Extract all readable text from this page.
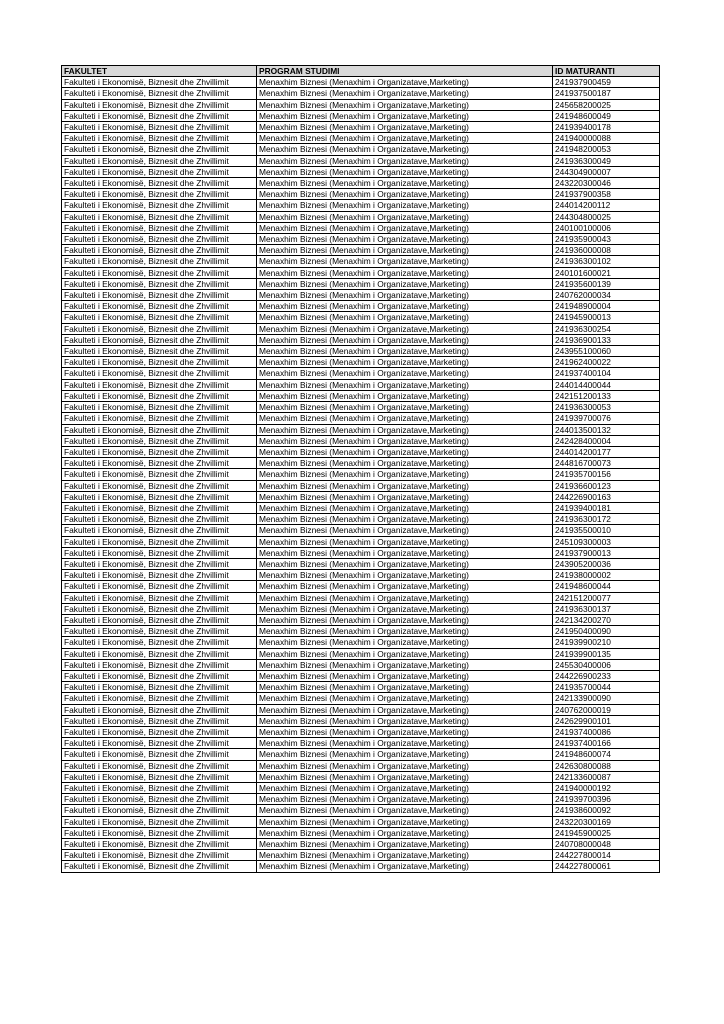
FAKULTET	PROGRAM STUDIMI	ID MATURANTI
Fakulteti i Ekonomisë, Biznesit dhe Zhvillimit	Menaxhim Biznesi (Menaxhim i Organizatave,Marketing)	241937900459
Fakulteti i Ekonomisë, Biznesit dhe Zhvillimit	Menaxhim Biznesi (Menaxhim i Organizatave,Marketing)	241937500187
Fakulteti i Ekonomisë, Biznesit dhe Zhvillimit	Menaxhim Biznesi (Menaxhim i Organizatave,Marketing)	245658200025
Fakulteti i Ekonomisë, Biznesit dhe Zhvillimit	Menaxhim Biznesi (Menaxhim i Organizatave,Marketing)	241948600049
Fakulteti i Ekonomisë, Biznesit dhe Zhvillimit	Menaxhim Biznesi (Menaxhim i Organizatave,Marketing)	241939400178
Fakulteti i Ekonomisë, Biznesit dhe Zhvillimit	Menaxhim Biznesi (Menaxhim i Organizatave,Marketing)	241940000088
Fakulteti i Ekonomisë, Biznesit dhe Zhvillimit	Menaxhim Biznesi (Menaxhim i Organizatave,Marketing)	241948200053
Fakulteti i Ekonomisë, Biznesit dhe Zhvillimit	Menaxhim Biznesi (Menaxhim i Organizatave,Marketing)	241936300049
Fakulteti i Ekonomisë, Biznesit dhe Zhvillimit	Menaxhim Biznesi (Menaxhim i Organizatave,Marketing)	244304900007
Fakulteti i Ekonomisë, Biznesit dhe Zhvillimit	Menaxhim Biznesi (Menaxhim i Organizatave,Marketing)	243220300046
Fakulteti i Ekonomisë, Biznesit dhe Zhvillimit	Menaxhim Biznesi (Menaxhim i Organizatave,Marketing)	241937900358
Fakulteti i Ekonomisë, Biznesit dhe Zhvillimit	Menaxhim Biznesi (Menaxhim i Organizatave,Marketing)	244014200112
Fakulteti i Ekonomisë, Biznesit dhe Zhvillimit	Menaxhim Biznesi (Menaxhim i Organizatave,Marketing)	244304800025
Fakulteti i Ekonomisë, Biznesit dhe Zhvillimit	Menaxhim Biznesi (Menaxhim i Organizatave,Marketing)	240100100006
Fakulteti i Ekonomisë, Biznesit dhe Zhvillimit	Menaxhim Biznesi (Menaxhim i Organizatave,Marketing)	241935900043
Fakulteti i Ekonomisë, Biznesit dhe Zhvillimit	Menaxhim Biznesi (Menaxhim i Organizatave,Marketing)	241936000008
Fakulteti i Ekonomisë, Biznesit dhe Zhvillimit	Menaxhim Biznesi (Menaxhim i Organizatave,Marketing)	241936300102
Fakulteti i Ekonomisë, Biznesit dhe Zhvillimit	Menaxhim Biznesi (Menaxhim i Organizatave,Marketing)	240101600021
Fakulteti i Ekonomisë, Biznesit dhe Zhvillimit	Menaxhim Biznesi (Menaxhim i Organizatave,Marketing)	241935600139
Fakulteti i Ekonomisë, Biznesit dhe Zhvillimit	Menaxhim Biznesi (Menaxhim i Organizatave,Marketing)	240762000034
Fakulteti i Ekonomisë, Biznesit dhe Zhvillimit	Menaxhim Biznesi (Menaxhim i Organizatave,Marketing)	241948900004
Fakulteti i Ekonomisë, Biznesit dhe Zhvillimit	Menaxhim Biznesi (Menaxhim i Organizatave,Marketing)	241945900013
Fakulteti i Ekonomisë, Biznesit dhe Zhvillimit	Menaxhim Biznesi (Menaxhim i Organizatave,Marketing)	241936300254
Fakulteti i Ekonomisë, Biznesit dhe Zhvillimit	Menaxhim Biznesi (Menaxhim i Organizatave,Marketing)	241936900133
Fakulteti i Ekonomisë, Biznesit dhe Zhvillimit	Menaxhim Biznesi (Menaxhim i Organizatave,Marketing)	243955100060
Fakulteti i Ekonomisë, Biznesit dhe Zhvillimit	Menaxhim Biznesi (Menaxhim i Organizatave,Marketing)	241962400022
Fakulteti i Ekonomisë, Biznesit dhe Zhvillimit	Menaxhim Biznesi (Menaxhim i Organizatave,Marketing)	241937400104
Fakulteti i Ekonomisë, Biznesit dhe Zhvillimit	Menaxhim Biznesi (Menaxhim i Organizatave,Marketing)	244014400044
Fakulteti i Ekonomisë, Biznesit dhe Zhvillimit	Menaxhim Biznesi (Menaxhim i Organizatave,Marketing)	242151200133
Fakulteti i Ekonomisë, Biznesit dhe Zhvillimit	Menaxhim Biznesi (Menaxhim i Organizatave,Marketing)	241936300053
Fakulteti i Ekonomisë, Biznesit dhe Zhvillimit	Menaxhim Biznesi (Menaxhim i Organizatave,Marketing)	241939700076
Fakulteti i Ekonomisë, Biznesit dhe Zhvillimit	Menaxhim Biznesi (Menaxhim i Organizatave,Marketing)	244013500132
Fakulteti i Ekonomisë, Biznesit dhe Zhvillimit	Menaxhim Biznesi (Menaxhim i Organizatave,Marketing)	242428400004
Fakulteti i Ekonomisë, Biznesit dhe Zhvillimit	Menaxhim Biznesi (Menaxhim i Organizatave,Marketing)	244014200177
Fakulteti i Ekonomisë, Biznesit dhe Zhvillimit	Menaxhim Biznesi (Menaxhim i Organizatave,Marketing)	244816700073
Fakulteti i Ekonomisë, Biznesit dhe Zhvillimit	Menaxhim Biznesi (Menaxhim i Organizatave,Marketing)	241935700156
Fakulteti i Ekonomisë, Biznesit dhe Zhvillimit	Menaxhim Biznesi (Menaxhim i Organizatave,Marketing)	241936600123
Fakulteti i Ekonomisë, Biznesit dhe Zhvillimit	Menaxhim Biznesi (Menaxhim i Organizatave,Marketing)	244226900163
Fakulteti i Ekonomisë, Biznesit dhe Zhvillimit	Menaxhim Biznesi (Menaxhim i Organizatave,Marketing)	241939400181
Fakulteti i Ekonomisë, Biznesit dhe Zhvillimit	Menaxhim Biznesi (Menaxhim i Organizatave,Marketing)	241936300172
Fakulteti i Ekonomisë, Biznesit dhe Zhvillimit	Menaxhim Biznesi (Menaxhim i Organizatave,Marketing)	241935500010
Fakulteti i Ekonomisë, Biznesit dhe Zhvillimit	Menaxhim Biznesi (Menaxhim i Organizatave,Marketing)	245109300003
Fakulteti i Ekonomisë, Biznesit dhe Zhvillimit	Menaxhim Biznesi (Menaxhim i Organizatave,Marketing)	241937900013
Fakulteti i Ekonomisë, Biznesit dhe Zhvillimit	Menaxhim Biznesi (Menaxhim i Organizatave,Marketing)	243905200036
Fakulteti i Ekonomisë, Biznesit dhe Zhvillimit	Menaxhim Biznesi (Menaxhim i Organizatave,Marketing)	241938000002
Fakulteti i Ekonomisë, Biznesit dhe Zhvillimit	Menaxhim Biznesi (Menaxhim i Organizatave,Marketing)	241948600044
Fakulteti i Ekonomisë, Biznesit dhe Zhvillimit	Menaxhim Biznesi (Menaxhim i Organizatave,Marketing)	242151200077
Fakulteti i Ekonomisë, Biznesit dhe Zhvillimit	Menaxhim Biznesi (Menaxhim i Organizatave,Marketing)	241936300137
Fakulteti i Ekonomisë, Biznesit dhe Zhvillimit	Menaxhim Biznesi (Menaxhim i Organizatave,Marketing)	242134200270
Fakulteti i Ekonomisë, Biznesit dhe Zhvillimit	Menaxhim Biznesi (Menaxhim i Organizatave,Marketing)	241950400090
Fakulteti i Ekonomisë, Biznesit dhe Zhvillimit	Menaxhim Biznesi (Menaxhim i Organizatave,Marketing)	241939900210
Fakulteti i Ekonomisë, Biznesit dhe Zhvillimit	Menaxhim Biznesi (Menaxhim i Organizatave,Marketing)	241939900135
Fakulteti i Ekonomisë, Biznesit dhe Zhvillimit	Menaxhim Biznesi (Menaxhim i Organizatave,Marketing)	245530400006
Fakulteti i Ekonomisë, Biznesit dhe Zhvillimit	Menaxhim Biznesi (Menaxhim i Organizatave,Marketing)	244226900233
Fakulteti i Ekonomisë, Biznesit dhe Zhvillimit	Menaxhim Biznesi (Menaxhim i Organizatave,Marketing)	241935700044
Fakulteti i Ekonomisë, Biznesit dhe Zhvillimit	Menaxhim Biznesi (Menaxhim i Organizatave,Marketing)	242133900090
Fakulteti i Ekonomisë, Biznesit dhe Zhvillimit	Menaxhim Biznesi (Menaxhim i Organizatave,Marketing)	240762000019
Fakulteti i Ekonomisë, Biznesit dhe Zhvillimit	Menaxhim Biznesi (Menaxhim i Organizatave,Marketing)	242629900101
Fakulteti i Ekonomisë, Biznesit dhe Zhvillimit	Menaxhim Biznesi (Menaxhim i Organizatave,Marketing)	241937400086
Fakulteti i Ekonomisë, Biznesit dhe Zhvillimit	Menaxhim Biznesi (Menaxhim i Organizatave,Marketing)	241937400166
Fakulteti i Ekonomisë, Biznesit dhe Zhvillimit	Menaxhim Biznesi (Menaxhim i Organizatave,Marketing)	241948600074
Fakulteti i Ekonomisë, Biznesit dhe Zhvillimit	Menaxhim Biznesi (Menaxhim i Organizatave,Marketing)	242630800088
Fakulteti i Ekonomisë, Biznesit dhe Zhvillimit	Menaxhim Biznesi (Menaxhim i Organizatave,Marketing)	242133600087
Fakulteti i Ekonomisë, Biznesit dhe Zhvillimit	Menaxhim Biznesi (Menaxhim i Organizatave,Marketing)	241940000192
Fakulteti i Ekonomisë, Biznesit dhe Zhvillimit	Menaxhim Biznesi (Menaxhim i Organizatave,Marketing)	241939700396
Fakulteti i Ekonomisë, Biznesit dhe Zhvillimit	Menaxhim Biznesi (Menaxhim i Organizatave,Marketing)	241938600092
Fakulteti i Ekonomisë, Biznesit dhe Zhvillimit	Menaxhim Biznesi (Menaxhim i Organizatave,Marketing)	243220300169
Fakulteti i Ekonomisë, Biznesit dhe Zhvillimit	Menaxhim Biznesi (Menaxhim i Organizatave,Marketing)	241945900025
Fakulteti i Ekonomisë, Biznesit dhe Zhvillimit	Menaxhim Biznesi (Menaxhim i Organizatave,Marketing)	240708000048
Fakulteti i Ekonomisë, Biznesit dhe Zhvillimit	Menaxhim Biznesi (Menaxhim i Organizatave,Marketing)	244227800014
Fakulteti i Ekonomisë, Biznesit dhe Zhvillimit	Menaxhim Biznesi (Menaxhim i Organizatave,Marketing)	244227800061
